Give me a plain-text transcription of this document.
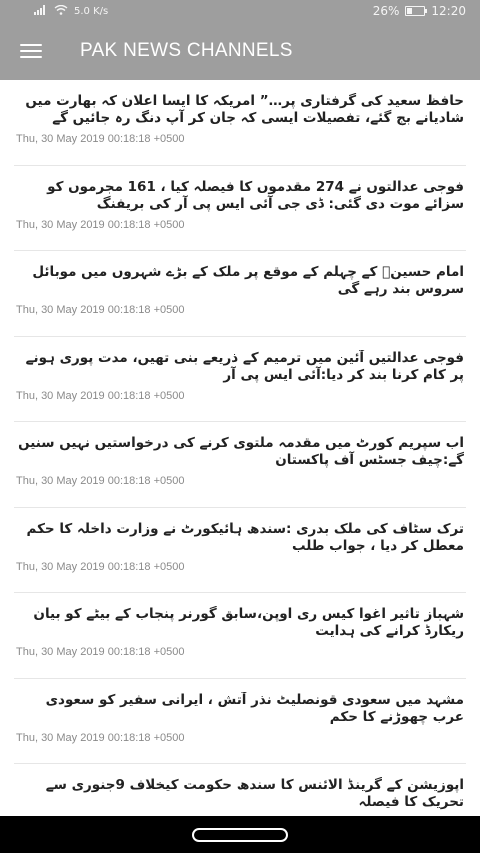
5.0 K/s	26%	12:20
PAK NEWS CHANNELS
حافظ سعید کی گرفتاری پر…” امریکہ کا ایسا اعلان کہ بھارت میں شادیانے بج گئے، تفصیلات ایسی کہ جان کر آپ دنگ رہ جائیں گے
Thu, 30 May 2019 00:18:18 +0500
فوجی عدالتوں نے 274 مقدموں کا فیصلہ کیا ، 161 مجرموں کو سزائے موت دی گئی: ڈی جی آئی ایس پی آر کی بریفنگ
Thu, 30 May 2019 00:18:18 +0500
امام حسینؓ کے چہلم کے موقع پر ملک کے بڑے شہروں میں موبائل سروس بند رہے گی
Thu, 30 May 2019 00:18:18 +0500
فوجی عدالتیں آئین میں ترمیم کے ذریعے بنی تھیں، مدت پوری ہونے پر کام کرنا بند کر دیا:آئی ایس پی آر
Thu, 30 May 2019 00:18:18 +0500
اب سپریم کورٹ میں مقدمہ ملتوی کرنے کی درخواستیں نہیں سنیں گے:چیف جسٹس آف پاکستان
Thu, 30 May 2019 00:18:18 +0500
ترک سٹاف کی ملک بدری :سندھ ہائیکورٹ نے وزارت داخلہ کا حکم معطل کر دیا ، جواب طلب
Thu, 30 May 2019 00:18:18 +0500
شہباز تاثیر اغوا کیس ری اوپن،سابق گورنر پنجاب کے بیٹے کو بیان ریکارڈ کرانے کی ہدایت
Thu, 30 May 2019 00:18:18 +0500
مشہد میں سعودی قونصلیٹ نذر آتش ، ایرانی سفیر کو سعودی عرب چھوڑنے کا حکم
Thu, 30 May 2019 00:18:18 +0500
اپوزیشن کے گرینڈ الائنس کا سندھ حکومت کیخلاف 9جنوری سے تحریک کا فیصلہ
